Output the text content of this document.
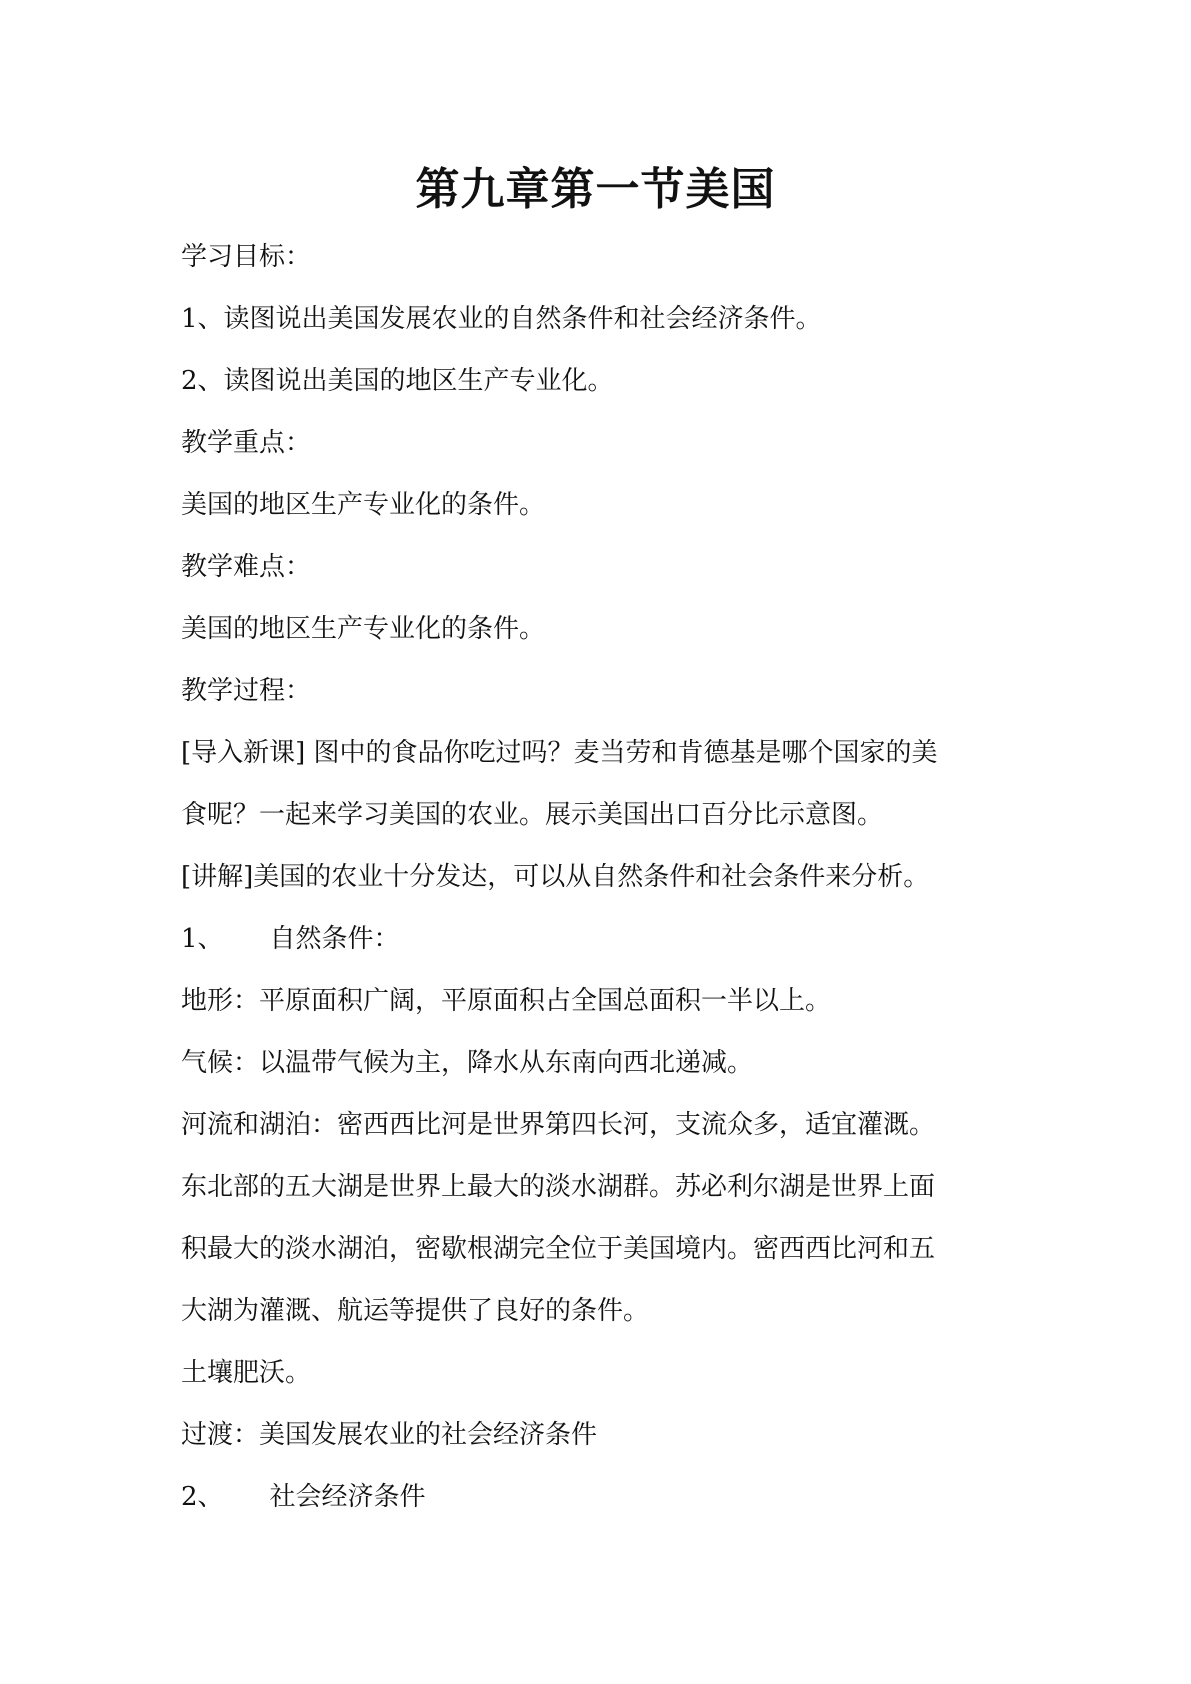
第九章第一节美国

学习目标：

1、读图说出美国发展农业的自然条件和社会经济条件。

2、读图说出美国的地区生产专业化。

教学重点：

美国的地区生产专业化的条件。

教学难点：

美国的地区生产专业化的条件。

教学过程：

[导入新课] 图中的食品你吃过吗？麦当劳和肯德基是哪个国家的美

食呢？一起来学习美国的农业。展示美国出口百分比示意图。

[讲解]美国的农业十分发达，可以从自然条件和社会条件来分析。

1、 自然条件：

地形：平原面积广阔，平原面积占全国总面积一半以上。

气候：以温带气候为主，降水从东南向西北递减。

河流和湖泊：密西西比河是世界第四长河，支流众多，适宜灌溉。

东北部的五大湖是世界上最大的淡水湖群。苏必利尔湖是世界上面

积最大的淡水湖泊，密歇根湖完全位于美国境内。密西西比河和五

大湖为灌溉、航运等提供了良好的条件。

土壤肥沃。

过渡：美国发展农业的社会经济条件

2、 社会经济条件
